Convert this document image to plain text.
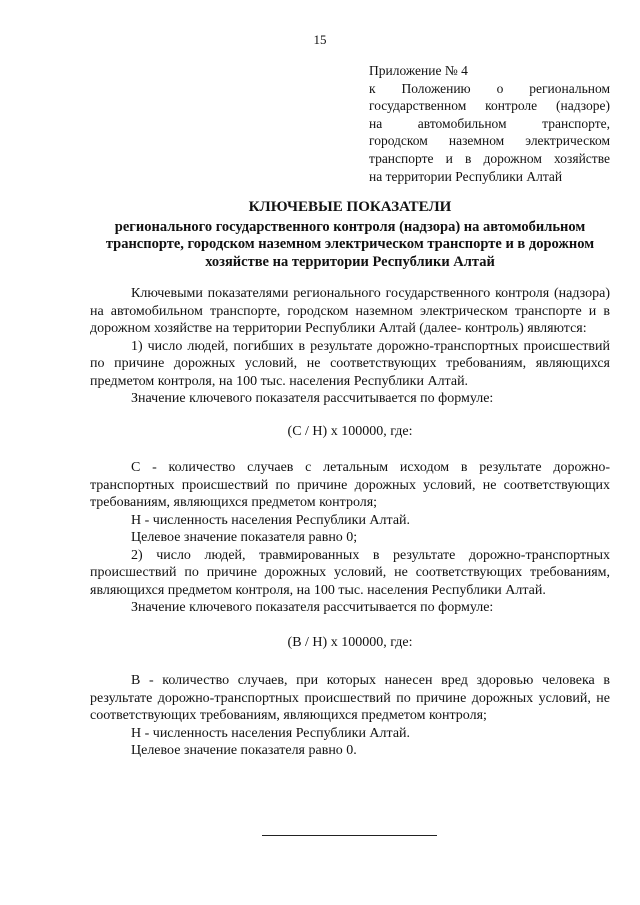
15
Приложение № 4
к Положению о региональном
государственном контроле (надзоре)
на автомобильном транспорте,
городском наземном электрическом
транспорте и в дорожном хозяйстве
на территории Республики Алтай
КЛЮЧЕВЫЕ ПОКАЗАТЕЛИ
регионального государственного контроля (надзора) на автомобильном транспорте, городском наземном электрическом транспорте и в дорожном хозяйстве на территории Республики Алтай

Ключевыми показателями регионального государственного контроля (надзора) на автомобильном транспорте, городском наземном электрическом транспорте и в дорожном хозяйстве на территории Республики Алтай (далее- контроль) являются:

1) число людей, погибших в результате дорожно-транспортных происшествий по причине дорожных условий, не соответствующих требованиям, являющихся предметом контроля, на 100 тыс. населения Республики Алтай.

Значение ключевого показателя рассчитывается по формуле:

(С / Н) х 100000, где:

С - количество случаев с летальным исходом в результате дорожно-транспортных происшествий по причине дорожных условий, не соответствующих требованиям, являющихся предметом контроля;

Н - численность населения Республики Алтай.

Целевое значение показателя равно 0;

2) число людей, травмированных в результате дорожно-транспортных происшествий по причине дорожных условий, не соответствующих требованиям, являющихся предметом контроля, на 100 тыс. населения Республики Алтай.

Значение ключевого показателя рассчитывается по формуле:

(В / Н) х 100000, где:

В - количество случаев, при которых нанесен вред здоровью человека в результате дорожно-транспортных происшествий по причине дорожных условий, не соответствующих требованиям, являющихся предметом контроля;

Н - численность населения Республики Алтай.

Целевое значение показателя равно 0.
